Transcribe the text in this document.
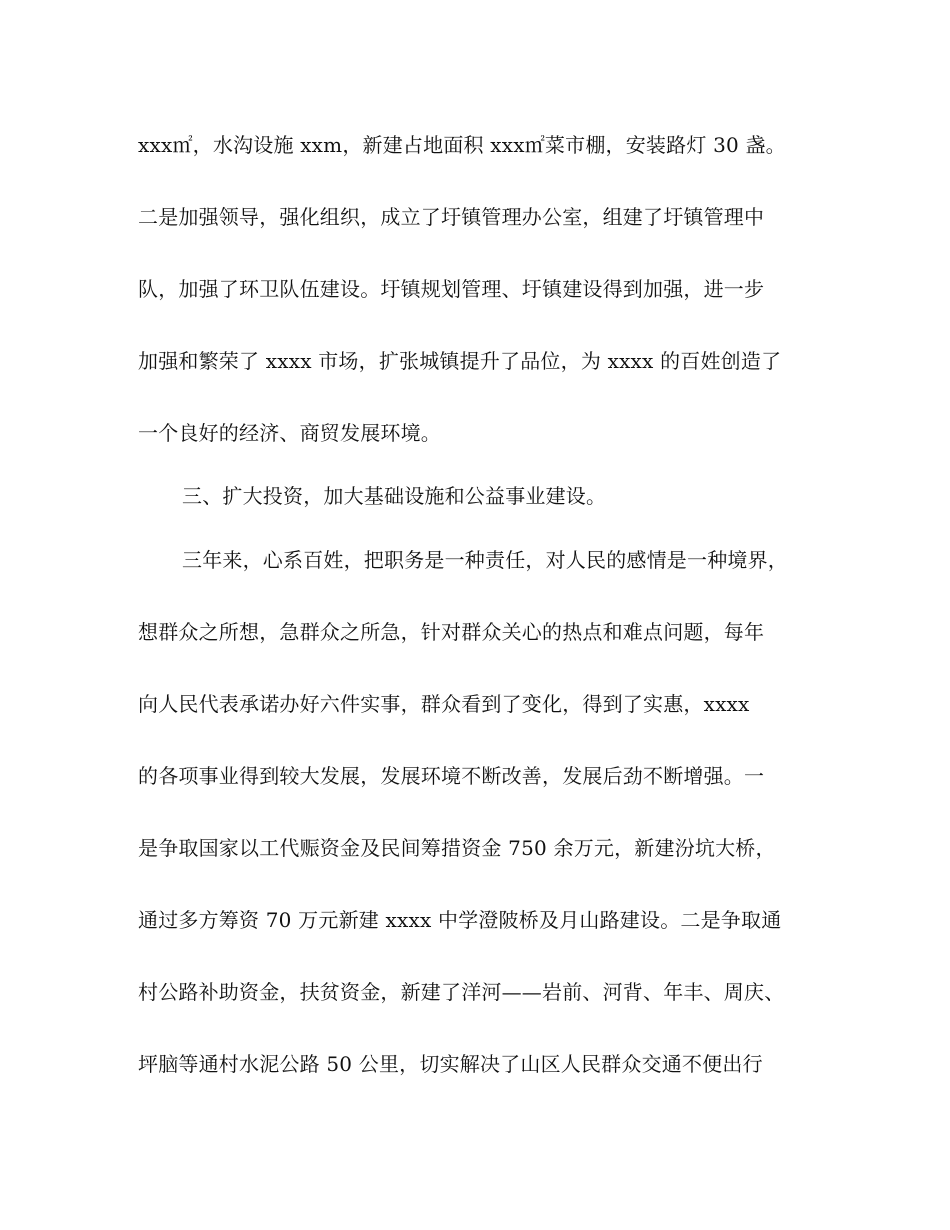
xxx㎡，水沟设施 xxm，新建占地面积 xxx㎡菜市棚，安装路灯 30 盏。
二是加强领导，强化组织，成立了圩镇管理办公室，组建了圩镇管理中
队，加强了环卫队伍建设。圩镇规划管理、圩镇建设得到加强，进一步
加强和繁荣了 xxxx 市场，扩张城镇提升了品位，为 xxxx 的百姓创造了
一个良好的经济、商贸发展环境。
三、扩大投资，加大基础设施和公益事业建设。
三年来，心系百姓，把职务是一种责任，对人民的感情是一种境界，
想群众之所想，急群众之所急，针对群众关心的热点和难点问题，每年
向人民代表承诺办好六件实事，群众看到了变化，得到了实惠，xxxx
的各项事业得到较大发展，发展环境不断改善，发展后劲不断增强。一
是争取国家以工代赈资金及民间筹措资金 750 余万元，新建汾坑大桥，
通过多方筹资 70 万元新建 xxxx 中学澄陂桥及月山路建设。二是争取通
村公路补助资金，扶贫资金，新建了洋河——岩前、河背、年丰、周庆、
坪脑等通村水泥公路 50 公里，切实解决了山区人民群众交通不便出行
